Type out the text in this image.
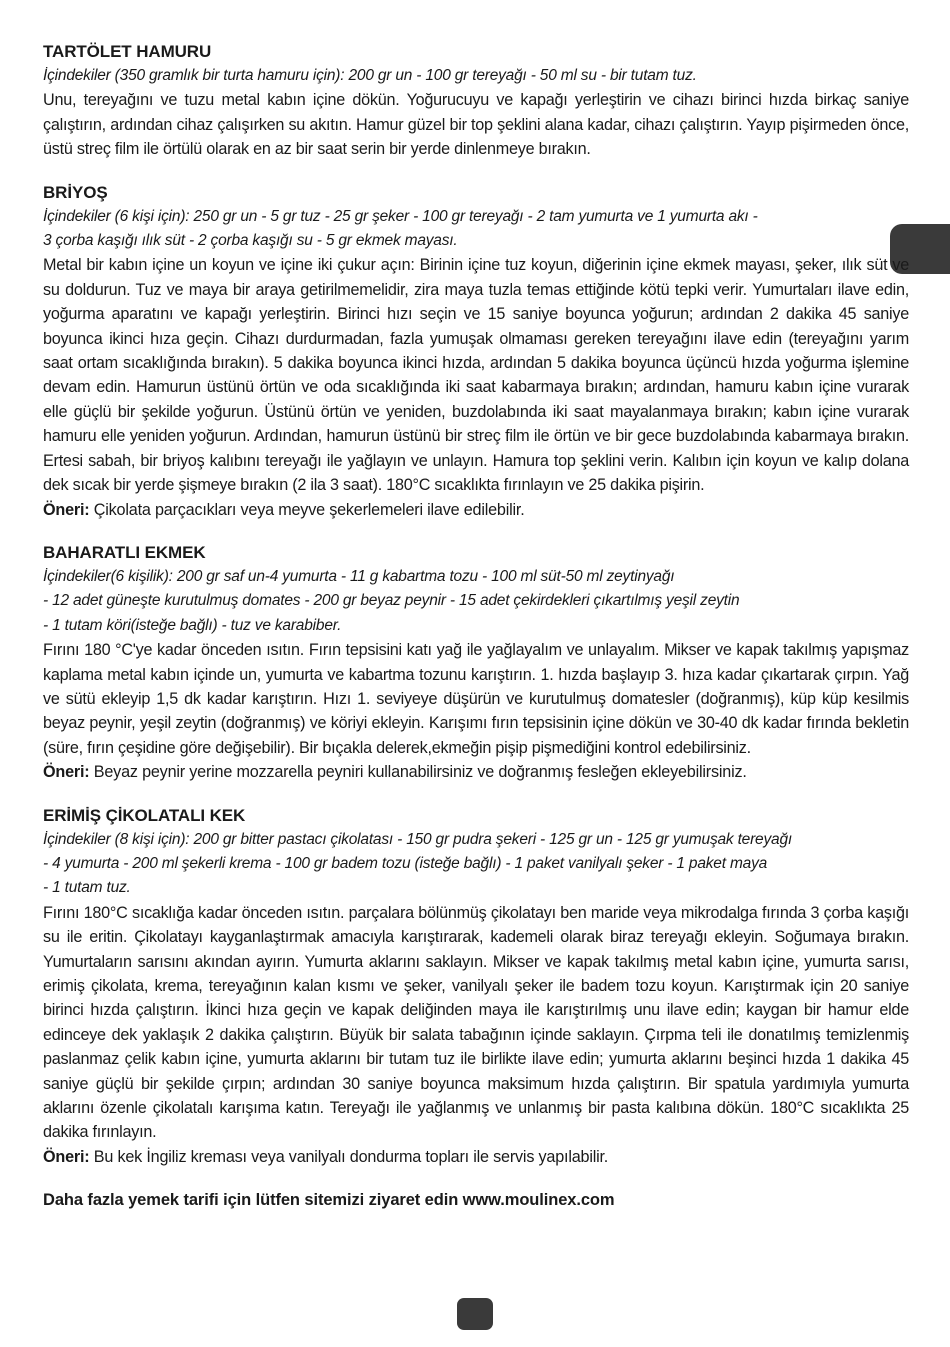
TARTÖLET HAMURU

İçindekiler (350 gramlık bir turta hamuru için): 200 gr un - 100 gr tereyağı - 50 ml su - bir tutam tuz.

Unu, tereyağını ve tuzu metal kabın içine dökün. Yoğurucuyu ve kapağı yerleştirin ve cihazı birinci hızda birkaç saniye çalıştırın, ardından cihaz çalışırken su akıtın. Hamur güzel bir top şeklini alana kadar, cihazı çalıştırın. Yayıp pişirmeden önce, üstü streç film ile örtülü olarak en az bir saat serin bir yerde dinlenmeye bırakın.

BRİYOŞ

İçindekiler (6 kişi için): 250 gr un - 5 gr tuz - 25 gr şeker - 100 gr tereyağı - 2 tam yumurta ve 1 yumurta akı -
3 çorba kaşığı ılık süt - 2 çorba kaşığı su - 5 gr ekmek mayası.

Metal bir kabın içine un koyun ve içine iki çukur açın: Birinin içine tuz koyun, diğerinin içine ekmek mayası, şeker, ılık süt ve su doldurun. Tuz ve maya bir araya getirilmemelidir, zira maya tuzla temas ettiğinde kötü tepki verir. Yumurtaları ilave edin, yoğurma aparatını ve kapağı yerleştirin. Birinci hızı seçin ve 15 saniye boyunca yoğurun; ardından 2 dakika 45 saniye boyunca ikinci hıza geçin. Cihazı durdurmadan, fazla yumuşak olmaması gereken tereyağını ilave edin (tereyağını yarım saat ortam sıcaklığında bırakın). 5 dakika boyunca ikinci hızda, ardından 5 dakika boyunca üçüncü hızda yoğurma işlemine devam edin. Hamurun üstünü örtün ve oda sıcaklığında iki saat kabarmaya bırakın; ardından, hamuru kabın içine vurarak elle güçlü bir şekilde yoğurun. Üstünü örtün ve yeniden, buzdolabında iki saat mayalanmaya bırakın; kabın içine vurarak hamuru elle yeniden yoğurun. Ardından, hamurun üstünü bir streç film ile örtün ve bir gece buzdolabında kabarmaya bırakın. Ertesi sabah, bir briyoş kalıbını tereyağı ile yağlayın ve unlayın. Hamura top şeklini verin. Kalıbın için koyun ve kalıp dolana dek sıcak bir yerde şişmeye bırakın (2 ila 3 saat). 180°C sıcaklıkta fırınlayın ve 25 dakika pişirin.

Öneri: Çikolata parçacıkları veya meyve şekerlemeleri ilave edilebilir.

BAHARATLI EKMEK

İçindekiler(6 kişilik): 200 gr saf un-4 yumurta - 11 g kabartma tozu - 100 ml süt-50 ml zeytinyağı
- 12 adet güneşte kurutulmuş domates - 200 gr beyaz peynir - 15 adet çekirdekleri çıkartılmış yeşil zeytin
- 1 tutam köri(isteğe bağlı) - tuz ve karabiber.

Fırını 180 °C'ye kadar önceden ısıtın. Fırın tepsisini katı yağ ile yağlayalım ve unlayalım. Mikser ve kapak takılmış yapışmaz kaplama metal kabın içinde un, yumurta ve kabartma tozunu karıştırın. 1. hızda başlayıp 3. hıza kadar çıkartarak çırpın. Yağ ve sütü ekleyip 1,5 dk kadar karıştırın. Hızı 1. seviyeye düşürün ve kurutulmuş domatesler (doğranmış), küp küp kesilmis beyaz peynir, yeşil zeytin (doğranmış) ve köriyi ekleyin. Karışımı fırın tepsisinin içine dökün ve 30-40 dk kadar fırında bekletin (süre, fırın çeşidine göre değişebilir). Bir bıçakla delerek,ekmeğin pişip pişmediğini kontrol edebilirsiniz.

Öneri: Beyaz peynir yerine mozzarella peyniri kullanabilirsiniz ve doğranmış fesleğen ekleyebilirsiniz.

ERİMİŞ ÇİKOLATALI KEK

İçindekiler (8 kişi için): 200 gr bitter pastacı çikolatası - 150 gr pudra şekeri - 125 gr un - 125 gr yumuşak tereyağı
- 4 yumurta - 200 ml şekerli krema - 100 gr badem tozu (isteğe bağlı) - 1 paket vanilyalı şeker - 1 paket maya
- 1 tutam tuz.

Fırını 180°C sıcaklığa kadar önceden ısıtın. parçalara bölünmüş çikolatayı ben maride veya mikrodalga fırında 3 çorba kaşığı su ile eritin. Çikolatayı kayganlaştırmak amacıyla karıştırarak, kademeli olarak biraz tereyağı ekleyin. Soğumaya bırakın. Yumurtaların sarısını akından ayırın. Yumurta aklarını saklayın. Mikser ve kapak takılmış metal kabın içine, yumurta sarısı, erimiş çikolata, krema, tereyağının kalan kısmı ve şeker, vanilyalı şeker ile badem tozu koyun. Karıştırmak için 20 saniye birinci hızda çalıştırın. İkinci hıza geçin ve kapak deliğinden maya ile karıştırılmış unu ilave edin; kaygan bir hamur elde edinceye dek yaklaşık 2 dakika çalıştırın. Büyük bir salata tabağının içinde saklayın. Çırpma teli ile donatılmış temizlenmiş paslanmaz çelik kabın içine, yumurta aklarını bir tutam tuz ile birlikte ilave edin; yumurta aklarını beşinci hızda 1 dakika 45 saniye güçlü bir şekilde çırpın; ardından 30 saniye boyunca maksimum hızda çalıştırın. Bir spatula yardımıyla yumurta aklarını özenle çikolatalı karışıma katın. Tereyağı ile yağlanmış ve unlanmış bir pasta kalıbına dökün. 180°C sıcaklıkta 25 dakika fırınlayın.

Öneri: Bu kek İngiliz kreması veya vanilyalı dondurma topları ile servis yapılabilir.

Daha fazla yemek tarifi için lütfen sitemizi ziyaret edin www.moulinex.com
